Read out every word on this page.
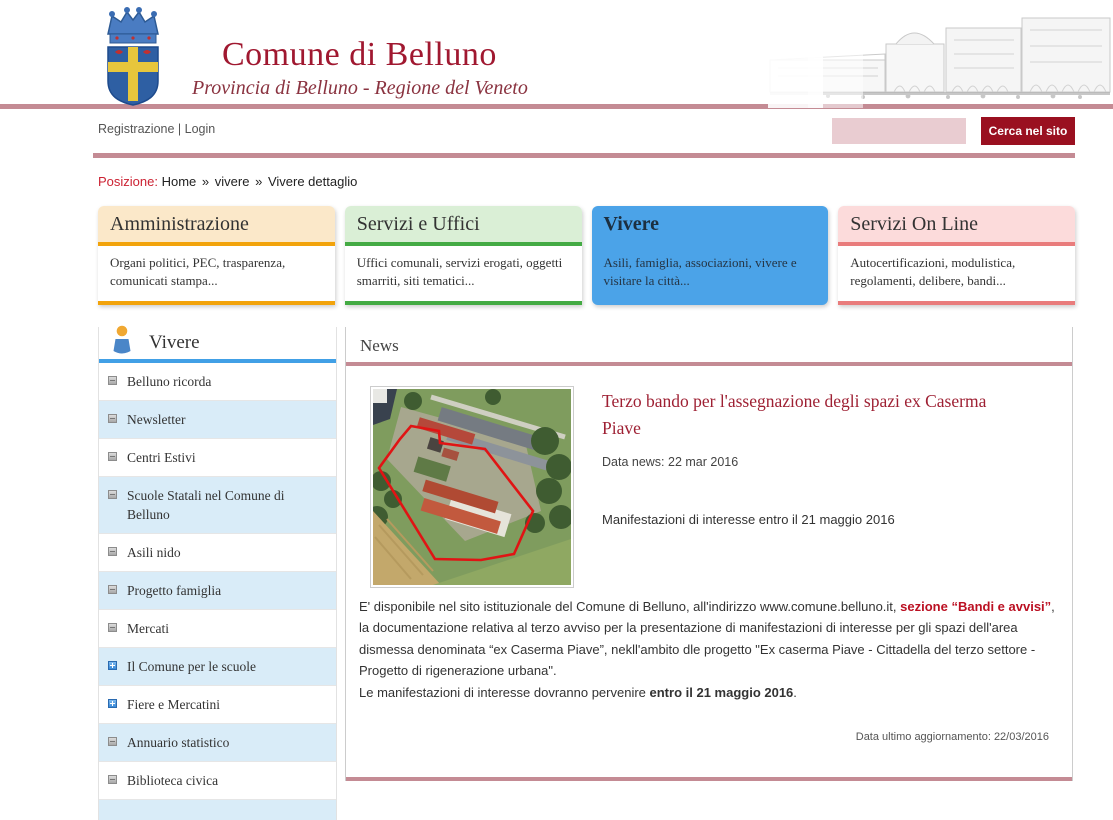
Comune di Belluno
Provincia di Belluno - Regione del Veneto
Registrazione | Login	Cerca nel sito
Posizione: Home » vivere » Vivere dettaglio
Amministrazione
Organi politici, PEC, trasparenza, comunicati stampa...
Servizi e Uffici
Uffici comunali, servizi erogati, oggetti smarriti, siti tematici...
Vivere
Asili, famiglia, associazioni, vivere e visitare la città...
Servizi On Line
Autocertificazioni, modulistica, regolamenti, delibere, bandi...
Vivere
Belluno ricorda
Newsletter
Centri Estivi
Scuole Statali nel Comune di Belluno
Asili nido
Progetto famiglia
Mercati
Il Comune per le scuole
Fiere e Mercatini
Annuario statistico
Biblioteca civica
News
Terzo bando per l'assegnazione degli spazi ex Caserma Piave
Data news: 22 mar 2016
Manifestazioni di interesse entro il 21 maggio 2016

E' disponibile nel sito istituzionale del Comune di Belluno, all'indirizzo www.comune.belluno.it, sezione “Bandi e avvisi”, la documentazione relativa al terzo avviso per la presentazione di manifestazioni di interesse per gli spazi dell'area dismessa denominata “ex Caserma Piave”, nekll'ambito dle progetto "Ex caserma Piave - Cittadella del terzo settore - Progetto di rigenerazione urbana".
Le manifestazioni di interesse dovranno pervenire entro il 21 maggio 2016.

Data ultimo aggiornamento: 22/03/2016
